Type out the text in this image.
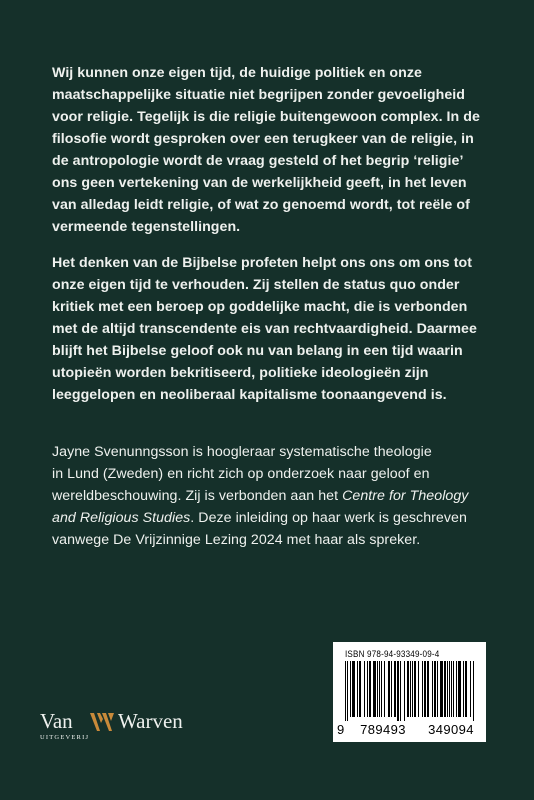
Wij kunnen onze eigen tijd, de huidige politiek en onze
maatschappelijke situatie niet begrijpen zonder gevoeligheid
voor religie. Tegelijk is die religie buitengewoon complex. In de
filosofie wordt gesproken over een terugkeer van de religie, in
de antropologie wordt de vraag gesteld of het begrip ‘religie’
ons geen vertekening van de werkelijkheid geeft, in het leven
van alledag leidt religie, of wat zo genoemd wordt, tot reële of
vermeende tegenstellingen.
Het denken van de Bijbelse profeten helpt ons ons om ons tot
onze eigen tijd te verhouden. Zij stellen de status quo onder
kritiek met een beroep op goddelijke macht, die is verbonden
met de altijd transcendente eis van rechtvaardigheid. Daarmee
blijft het Bijbelse geloof ook nu van belang in een tijd waarin
utopieën worden bekritiseerd, politieke ideologieën zijn
leeggelopen en neoliberaal kapitalisme toonaangevend is.
Jayne Svenunngsson is hoogleraar systematische theologie
in Lund (Zweden) en richt zich op onderzoek naar geloof en
wereldbeschouwing. Zij is verbonden aan het Centre for Theology
and Religious Studies. Deze inleiding op haar werk is geschreven
vanwege De Vrijzinnige Lezing 2024 met haar als spreker.
Van Warven
UITGEVERIJ
ISBN 978-94-93349-09-4
9	789493	349094
